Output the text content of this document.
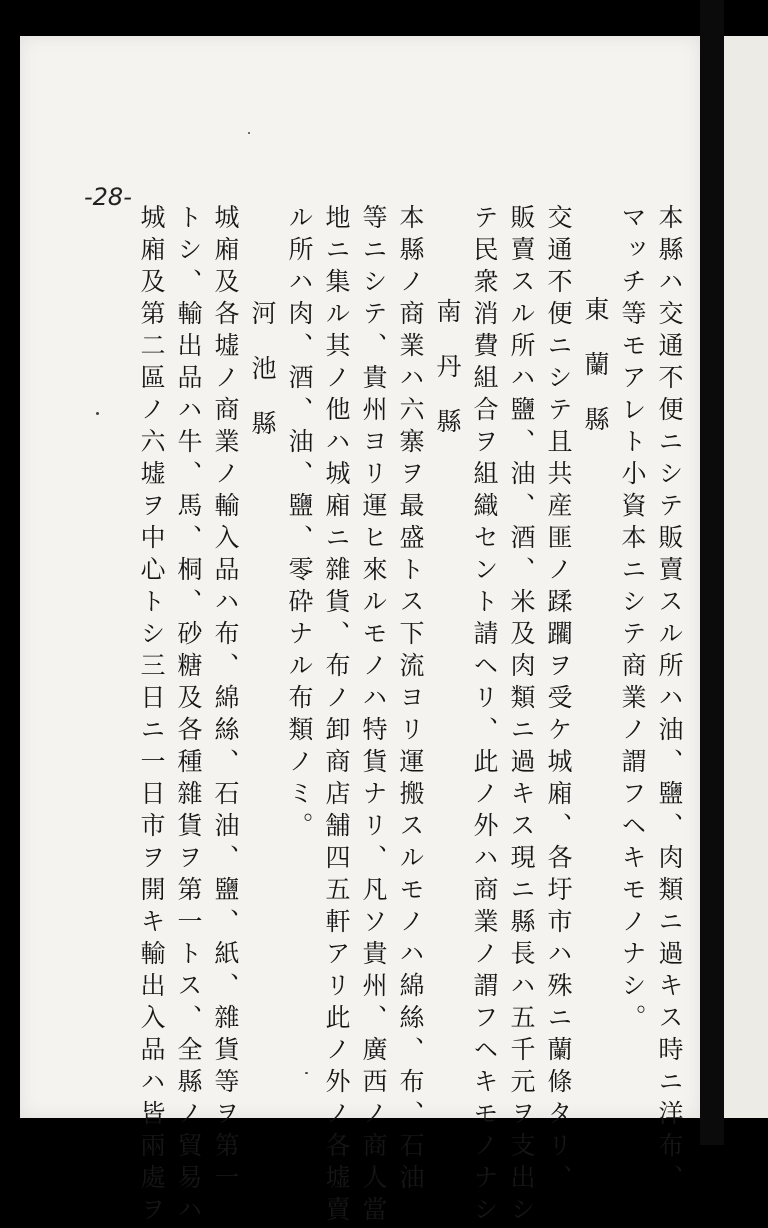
-28-
本縣ハ交通不便ニシテ販賣スル所ハ油、鹽、肉類ニ過キス時ニ洋布、
マッチ等モアレト小資本ニシテ商業ノ謂フヘキモノナシ。
東蘭縣
交通不便ニシテ且共産匪ノ蹂躙ヲ受ケ城廂、各圩市ハ殊ニ蘭條タリ、
販賣スル所ハ鹽、油、酒、米及肉類ニ過キス現ニ縣長ハ五千元ヲ支出シ
テ民衆消費組合ヲ組織セント請ヘリ、此ノ外ハ商業ノ謂フヘキモノナシ
南丹縣
本縣ノ商業ハ六寨ヲ最盛トス下流ヨリ運搬スルモノハ綿絲、布、石油
等ニシテ、貴州ヨリ運ヒ來ルモノハ特貨ナリ、凡ソ貴州、廣西ノ商人當
地ニ集ル其ノ他ハ城廂ニ雜貨、布ノ卸商店舗四五軒アリ此ノ外ノ各墟賣
ル所ハ肉、酒、油、鹽、零砕ナル布類ノミ。
河池縣
城廂及各墟ノ商業ノ輸入品ハ布、綿絲、石油、鹽、紙、雜貨等ヲ第一
トシ、輸出品ハ牛、馬、桐、砂糖及各種雜貨ヲ第一トス、全縣ノ貿易ハ
城廂及第二區ノ六墟ヲ中心トシ三日ニ一日市ヲ開キ輸出入品ハ皆兩處ヲ
